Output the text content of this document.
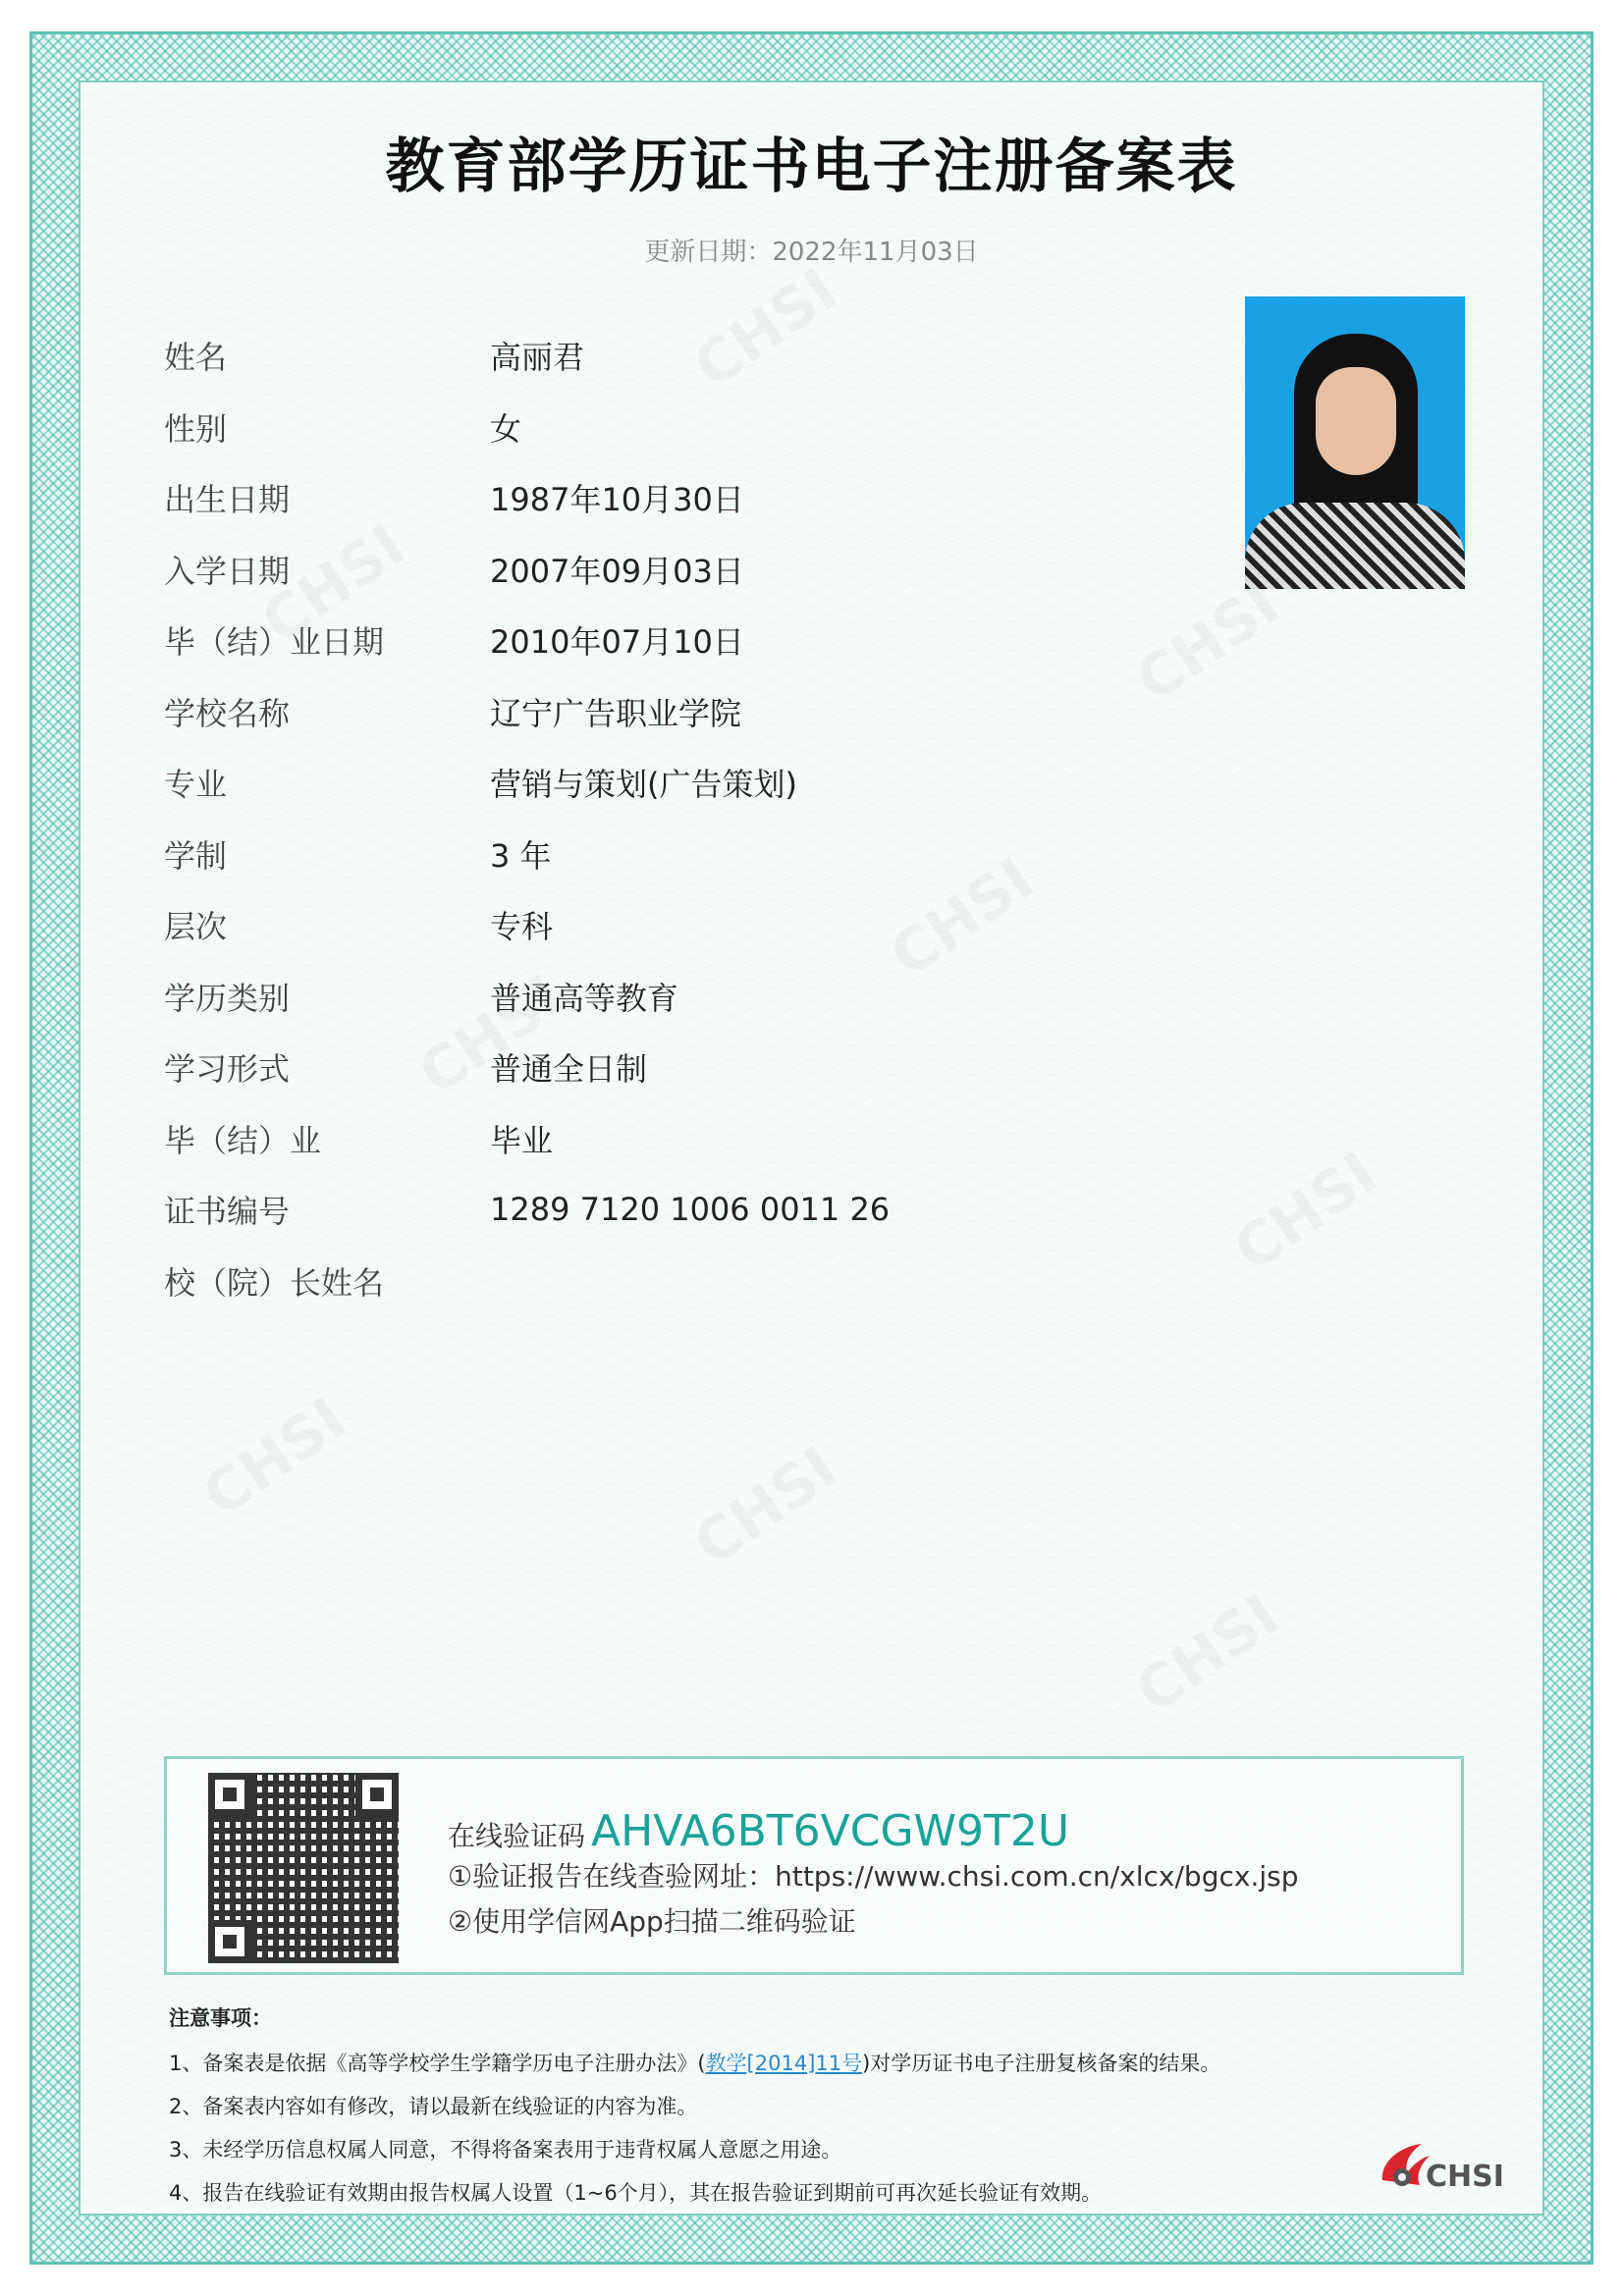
教育部学历证书电子注册备案表
更新日期：2022年11月03日
姓名	高丽君
性别	女
出生日期	1987年10月30日
入学日期	2007年09月03日
毕（结）业日期	2010年07月10日
学校名称	辽宁广告职业学院
专业	营销与策划(广告策划)
学制	3 年
层次	专科
学历类别	普通高等教育
学习形式	普通全日制
毕（结）业	毕业
证书编号	1289 7120 1006 0011 26
校（院）长姓名
在线验证码 AHVA6BT6VCGW9T2U
①验证报告在线查验网址：https://www.chsi.com.cn/xlcx/bgcx.jsp
②使用学信网App扫描二维码验证
注意事项：
1、备案表是依据《高等学校学生学籍学历电子注册办法》(教学[2014]11号)对学历证书电子注册复核备案的结果。
2、备案表内容如有修改，请以最新在线验证的内容为准。
3、未经学历信息权属人同意，不得将备案表用于违背权属人意愿之用途。
4、报告在线验证有效期由报告权属人设置（1~6个月），其在报告验证到期前可再次延长验证有效期。	CHSI
